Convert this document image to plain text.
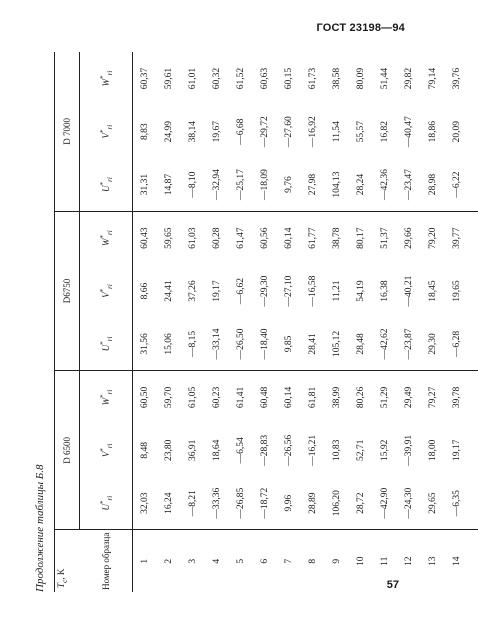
ГОСТ 23198—94
Продолжение таблицы Б.8 $T_c$, K	D 6500			D6750			D 7000		
Номер образца	$U^*_{ri}$	$V^*_{ri}$	$W^*_{ri}$	$U^*_{ri}$	$V^*_{ri}$	$W^*_{ri}$	$U^*_{ri}$	$V^*_{ri}$	$W^*_{ri}$
1	32,03	8,48	60,50	31,56	8,66	60,43	31,31	8,83	60,37
2	16,24	23,80	59,70	15,06	24,41	59,65	14,87	24,99	59,61
3	—8,21	36,91	61,05	—8,15	37,26	61,03	—8,10	38,14	61,01
4	—33,36	18,64	60,23	—33,14	19,17	60,28	—32,94	19,67	60,32
5	—26,85	—6,54	61,41	—26,50	—6,62	61,47	—25,17	—6,68	61,52
6	—18,72	—28,83	60,48	—18,40	—29,30	60,56	—18,09	—29,72	60,63
7	9,96	—26,56	60,14	9,85	—27,10	60,14	9,76	—27,60	60,15
8	28,89	—16,21	61,81	28,41	—16,58	61,77	27,98	—16,92	61,73
9	106,20	10,83	38,99	105,12	11,21	38,78	104,13	11,54	38,58
10	28,72	52,71	80,26	28,48	54,19	80,17	28,24	55,57	80,09
11	—42,90	15,92	51,29	—42,62	16,38	51,37	—42,36	16,82	51,44
12	—24,30	—39,91	29,49	—23,87	—40,21	29,66	—23,47	—40,47	29,82
13	29,65	18,00	79,27	29,30	18,45	79,20	28,98	18,86	79,14
14	—6,35	19,17	39,78	—6,28	19,65	39,77	—6,22	20,09	39,76
57
